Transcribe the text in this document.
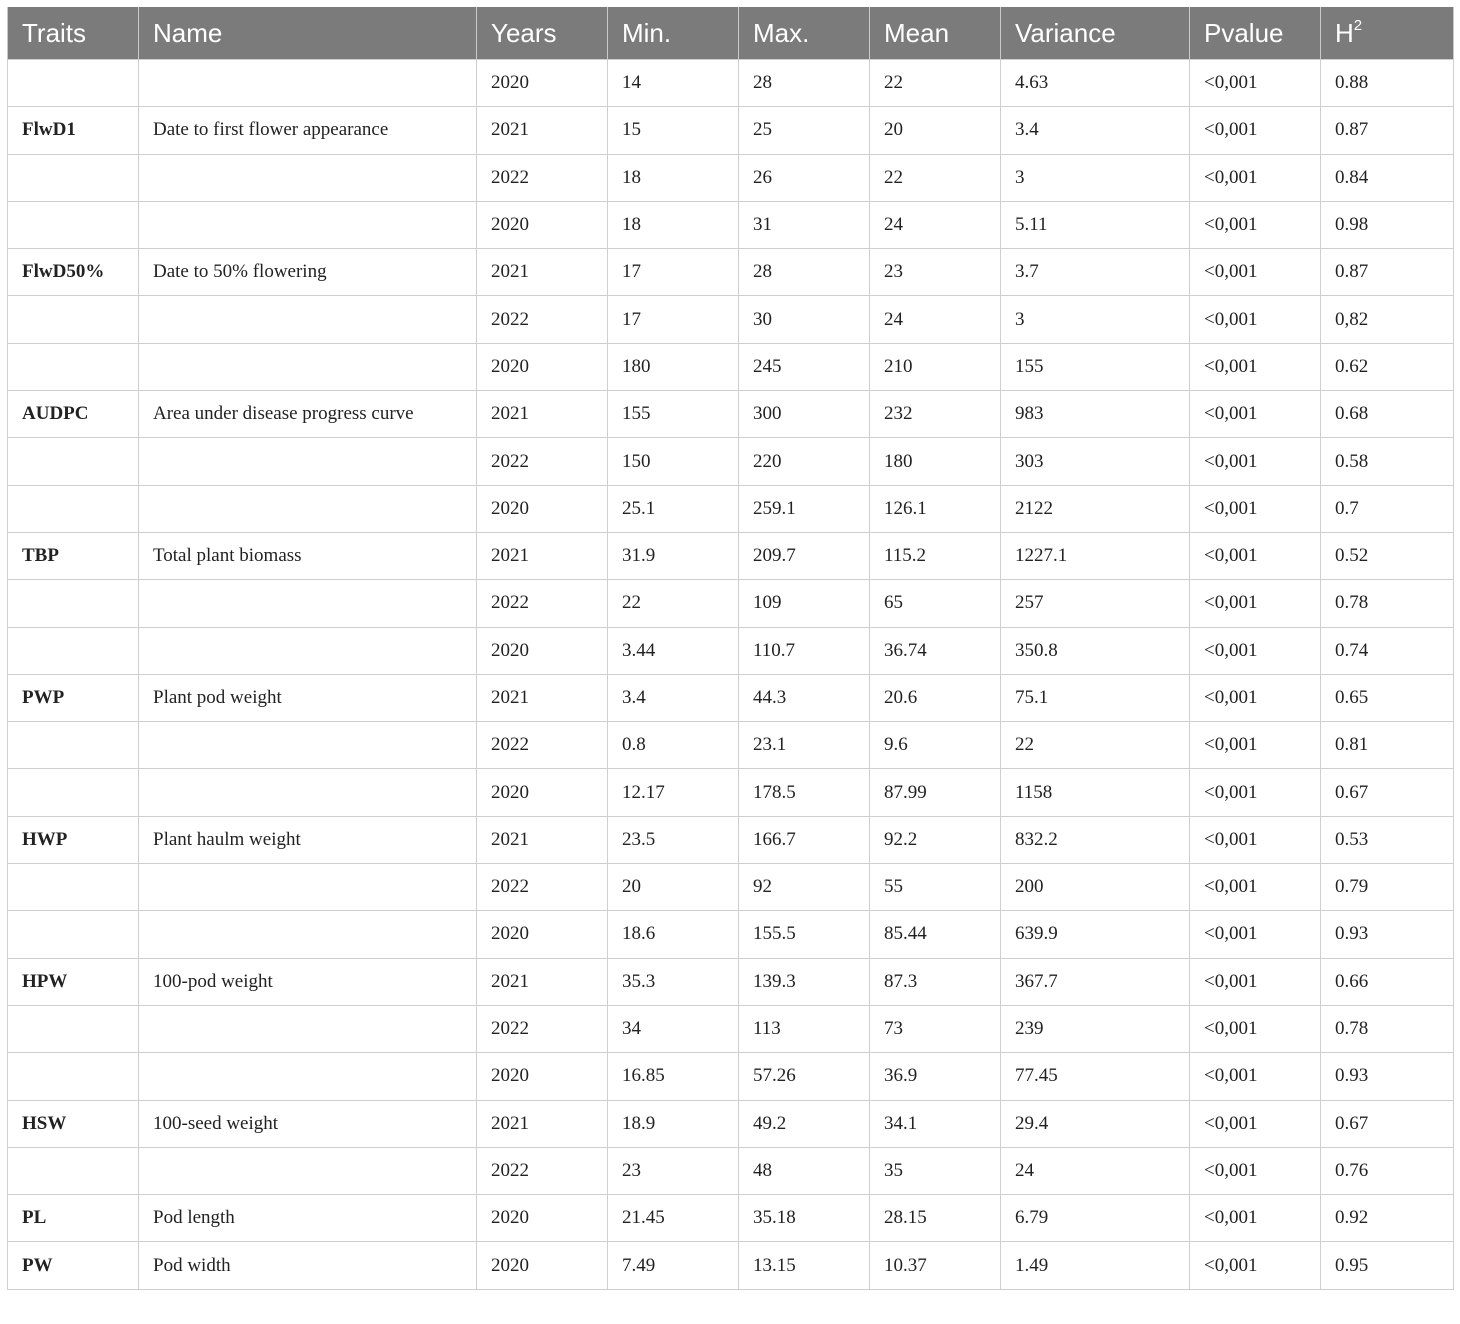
Traits	Name	Years	Min.	Max.	Mean	Variance	Pvalue	$H^2$
		2020	14	28	22	4.63	<0,001	0.88
FlwD1	Date to first flower appearance	2021	15	25	20	3.4	<0,001	0.87
		2022	18	26	22	3	<0,001	0.84
		2020	18	31	24	5.11	<0,001	0.98
FlwD50%	Date to 50% flowering	2021	17	28	23	3.7	<0,001	0.87
		2022	17	30	24	3	<0,001	0,82
		2020	180	245	210	155	<0,001	0.62
AUDPC	Area under disease progress curve	2021	155	300	232	983	<0,001	0.68
		2022	150	220	180	303	<0,001	0.58
		2020	25.1	259.1	126.1	2122	<0,001	0.7
TBP	Total plant biomass	2021	31.9	209.7	115.2	1227.1	<0,001	0.52
		2022	22	109	65	257	<0,001	0.78
		2020	3.44	110.7	36.74	350.8	<0,001	0.74
PWP	Plant pod weight	2021	3.4	44.3	20.6	75.1	<0,001	0.65
		2022	0.8	23.1	9.6	22	<0,001	0.81
		2020	12.17	178.5	87.99	1158	<0,001	0.67
HWP	Plant haulm weight	2021	23.5	166.7	92.2	832.2	<0,001	0.53
		2022	20	92	55	200	<0,001	0.79
		2020	18.6	155.5	85.44	639.9	<0,001	0.93
HPW	100-pod weight	2021	35.3	139.3	87.3	367.7	<0,001	0.66
		2022	34	113	73	239	<0,001	0.78
		2020	16.85	57.26	36.9	77.45	<0,001	0.93
HSW	100-seed weight	2021	18.9	49.2	34.1	29.4	<0,001	0.67
		2022	23	48	35	24	<0,001	0.76
PL	Pod length	2020	21.45	35.18	28.15	6.79	<0,001	0.92
PW	Pod width	2020	7.49	13.15	10.37	1.49	<0,001	0.95
